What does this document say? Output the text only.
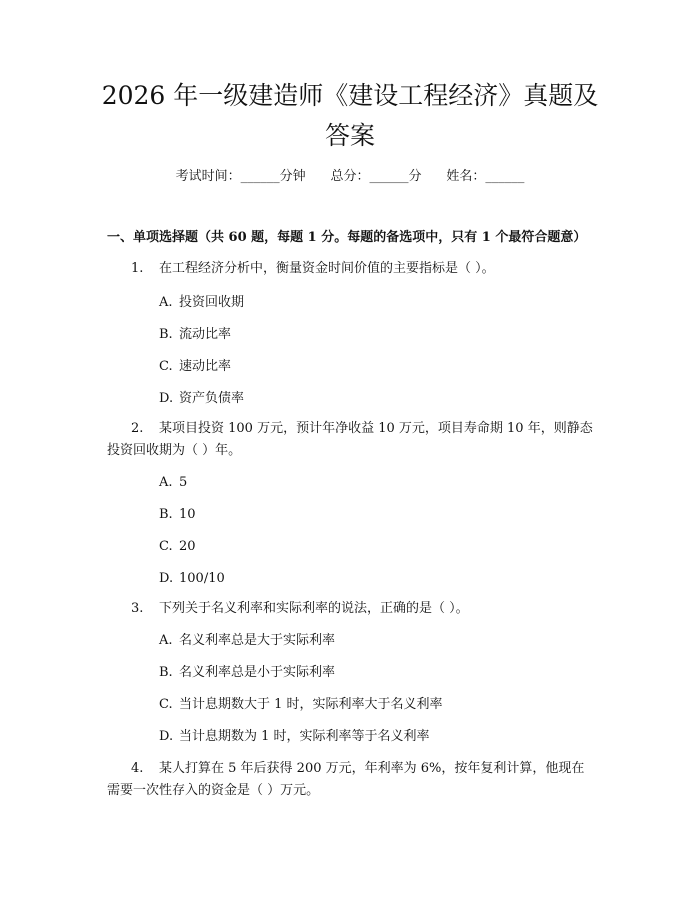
2026 年一级建造师《建设工程经济》真题及
答案
考试时间：______分钟 总分：______分 姓名：______
一、单项选择题（共 60 题，每题 1 分。每题的备选项中，只有 1 个最符合题意）
1. 在工程经济分析中，衡量资金时间价值的主要指标是（ ）。
A. 投资回收期
B. 流动比率
C. 速动比率
D. 资产负债率
2. 某项目投资 100 万元，预计年净收益 10 万元，项目寿命期 10 年，则静态投资回收期为（ ）年。
A. 5
B. 10
C. 20
D. 100/10
3. 下列关于名义利率和实际利率的说法，正确的是（ ）。
A. 名义利率总是大于实际利率
B. 名义利率总是小于实际利率
C. 当计息期数大于 1 时，实际利率大于名义利率
D. 当计息期数为 1 时，实际利率等于名义利率
4. 某人打算在 5 年后获得 200 万元，年利率为 6%，按年复利计算，他现在需要一次性存入的资金是（ ）万元。
